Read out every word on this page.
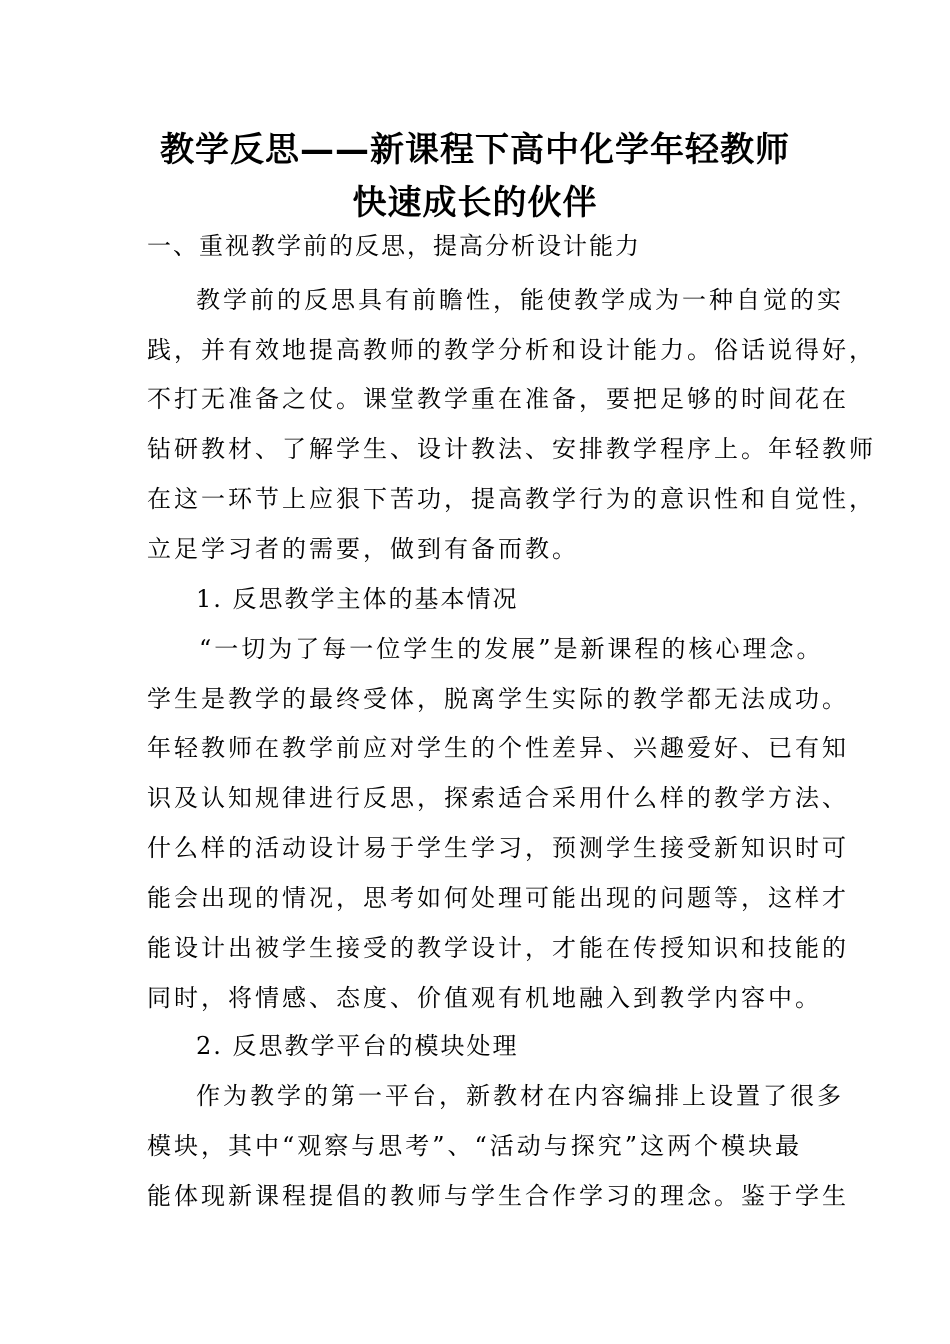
教学反思——新课程下高中化学年轻教师
快速成长的伙伴
一、重视教学前的反思，提高分析设计能力
教学前的反思具有前瞻性，能使教学成为一种自觉的实
践，并有效地提高教师的教学分析和设计能力。俗话说得好，
不打无准备之仗。课堂教学重在准备，要把足够的时间花在
钻研教材、了解学生、设计教法、安排教学程序上。年轻教师
在这一环节上应狠下苦功，提高教学行为的意识性和自觉性，
立足学习者的需要，做到有备而教。
1. 反思教学主体的基本情况
“一切为了每一位学生的发展”是新课程的核心理念。
学生是教学的最终受体，脱离学生实际的教学都无法成功。
年轻教师在教学前应对学生的个性差异、兴趣爱好、已有知
识及认知规律进行反思，探索适合采用什么样的教学方法、
什么样的活动设计易于学生学习，预测学生接受新知识时可
能会出现的情况，思考如何处理可能出现的问题等，这样才
能设计出被学生接受的教学设计，才能在传授知识和技能的
同时，将情感、态度、价值观有机地融入到教学内容中。
2. 反思教学平台的模块处理
作为教学的第一平台，新教材在内容编排上设置了很多
模块，其中“观察与思考”、“活动与探究”这两个模块最
能体现新课程提倡的教师与学生合作学习的理念。鉴于学生
